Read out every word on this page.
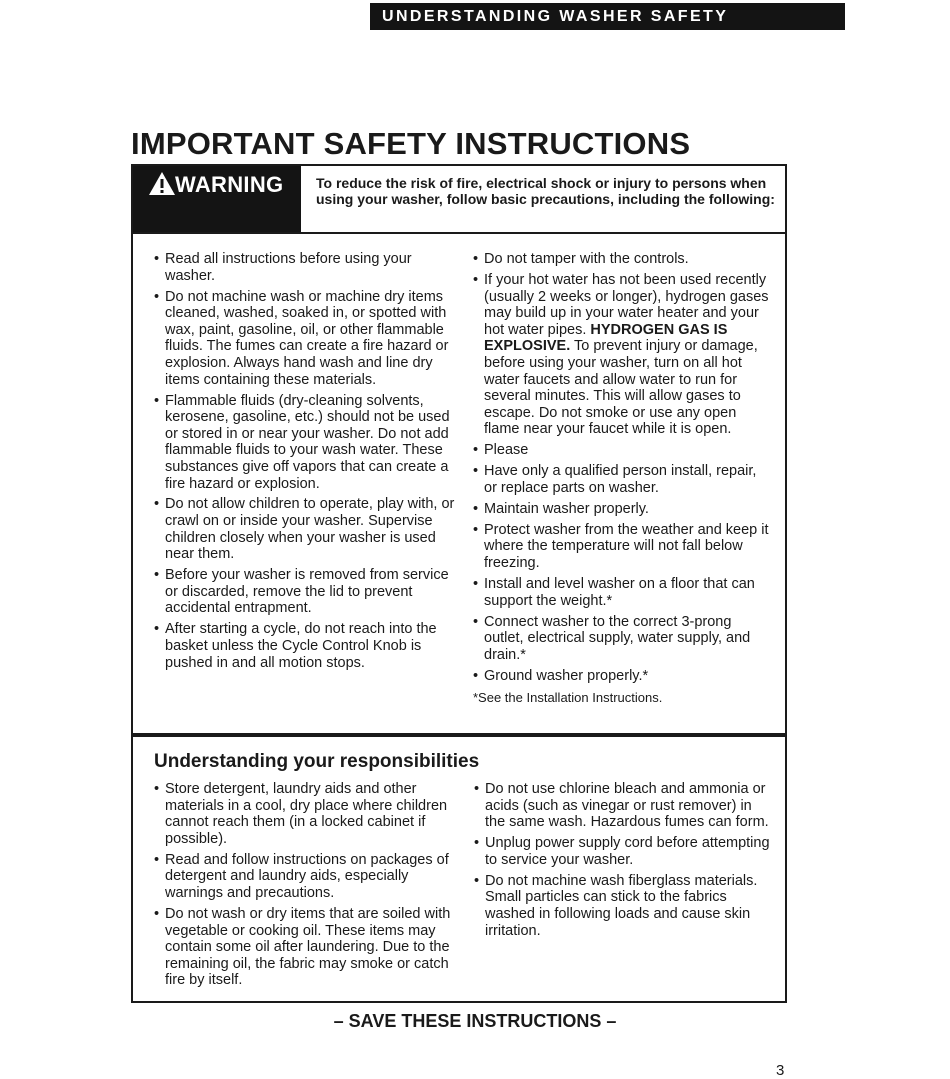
UNDERSTANDING WASHER SAFETY
IMPORTANT SAFETY INSTRUCTIONS
WARNING To reduce the risk of fire, electrical shock or injury to persons when using your washer, follow basic precautions, including the following:
• Read all instructions before using your washer.
• Do not machine wash or machine dry items cleaned, washed, soaked in, or spotted with wax, paint, gasoline, oil, or other flammable fluids. The fumes can create a fire hazard or explosion. Always hand wash and line dry items containing these materials.
• Flammable fluids (dry-cleaning solvents, kerosene, gasoline, etc.) should not be used or stored in or near your washer. Do not add flammable fluids to your wash water. These substances give off vapors that can create a fire hazard or explosion.
• Do not allow children to operate, play with, or crawl on or inside your washer. Supervise children closely when your washer is used near them.
• Before your washer is removed from service or discarded, remove the lid to prevent accidental entrapment.
• After starting a cycle, do not reach into the basket unless the Cycle Control Knob is pushed in and all motion stops.
• Do not tamper with the controls.
• If your hot water has not been used recently (usually 2 weeks or longer), hydrogen gases may build up in your water heater and your hot water pipes. HYDROGEN GAS IS EXPLOSIVE. To prevent injury or damage, before using your washer, turn on all hot water faucets and allow water to run for several minutes. This will allow gases to escape. Do not smoke or use any open flame near your faucet while it is open.
• Please
• Have only a qualified person install, repair, or replace parts on washer.
• Maintain washer properly.
• Protect washer from the weather and keep it where the temperature will not fall below freezing.
• Install and level washer on a floor that can support the weight.*
• Connect washer to the correct 3-prong outlet, electrical supply, water supply, and drain.*
• Ground washer properly.*
*See the Installation Instructions.
Understanding your responsibilities
• Store detergent, laundry aids and other materials in a cool, dry place where children cannot reach them (in a locked cabinet if possible).
• Read and follow instructions on packages of detergent and laundry aids, especially warnings and precautions.
• Do not wash or dry items that are soiled with vegetable or cooking oil. These items may contain some oil after laundering. Due to the remaining oil, the fabric may smoke or catch fire by itself.
• Do not use chlorine bleach and ammonia or acids (such as vinegar or rust remover) in the same wash. Hazardous fumes can form.
• Unplug power supply cord before attempting to service your washer.
• Do not machine wash fiberglass materials. Small particles can stick to the fabrics washed in following loads and cause skin irritation.

– SAVE THESE INSTRUCTIONS –

3
